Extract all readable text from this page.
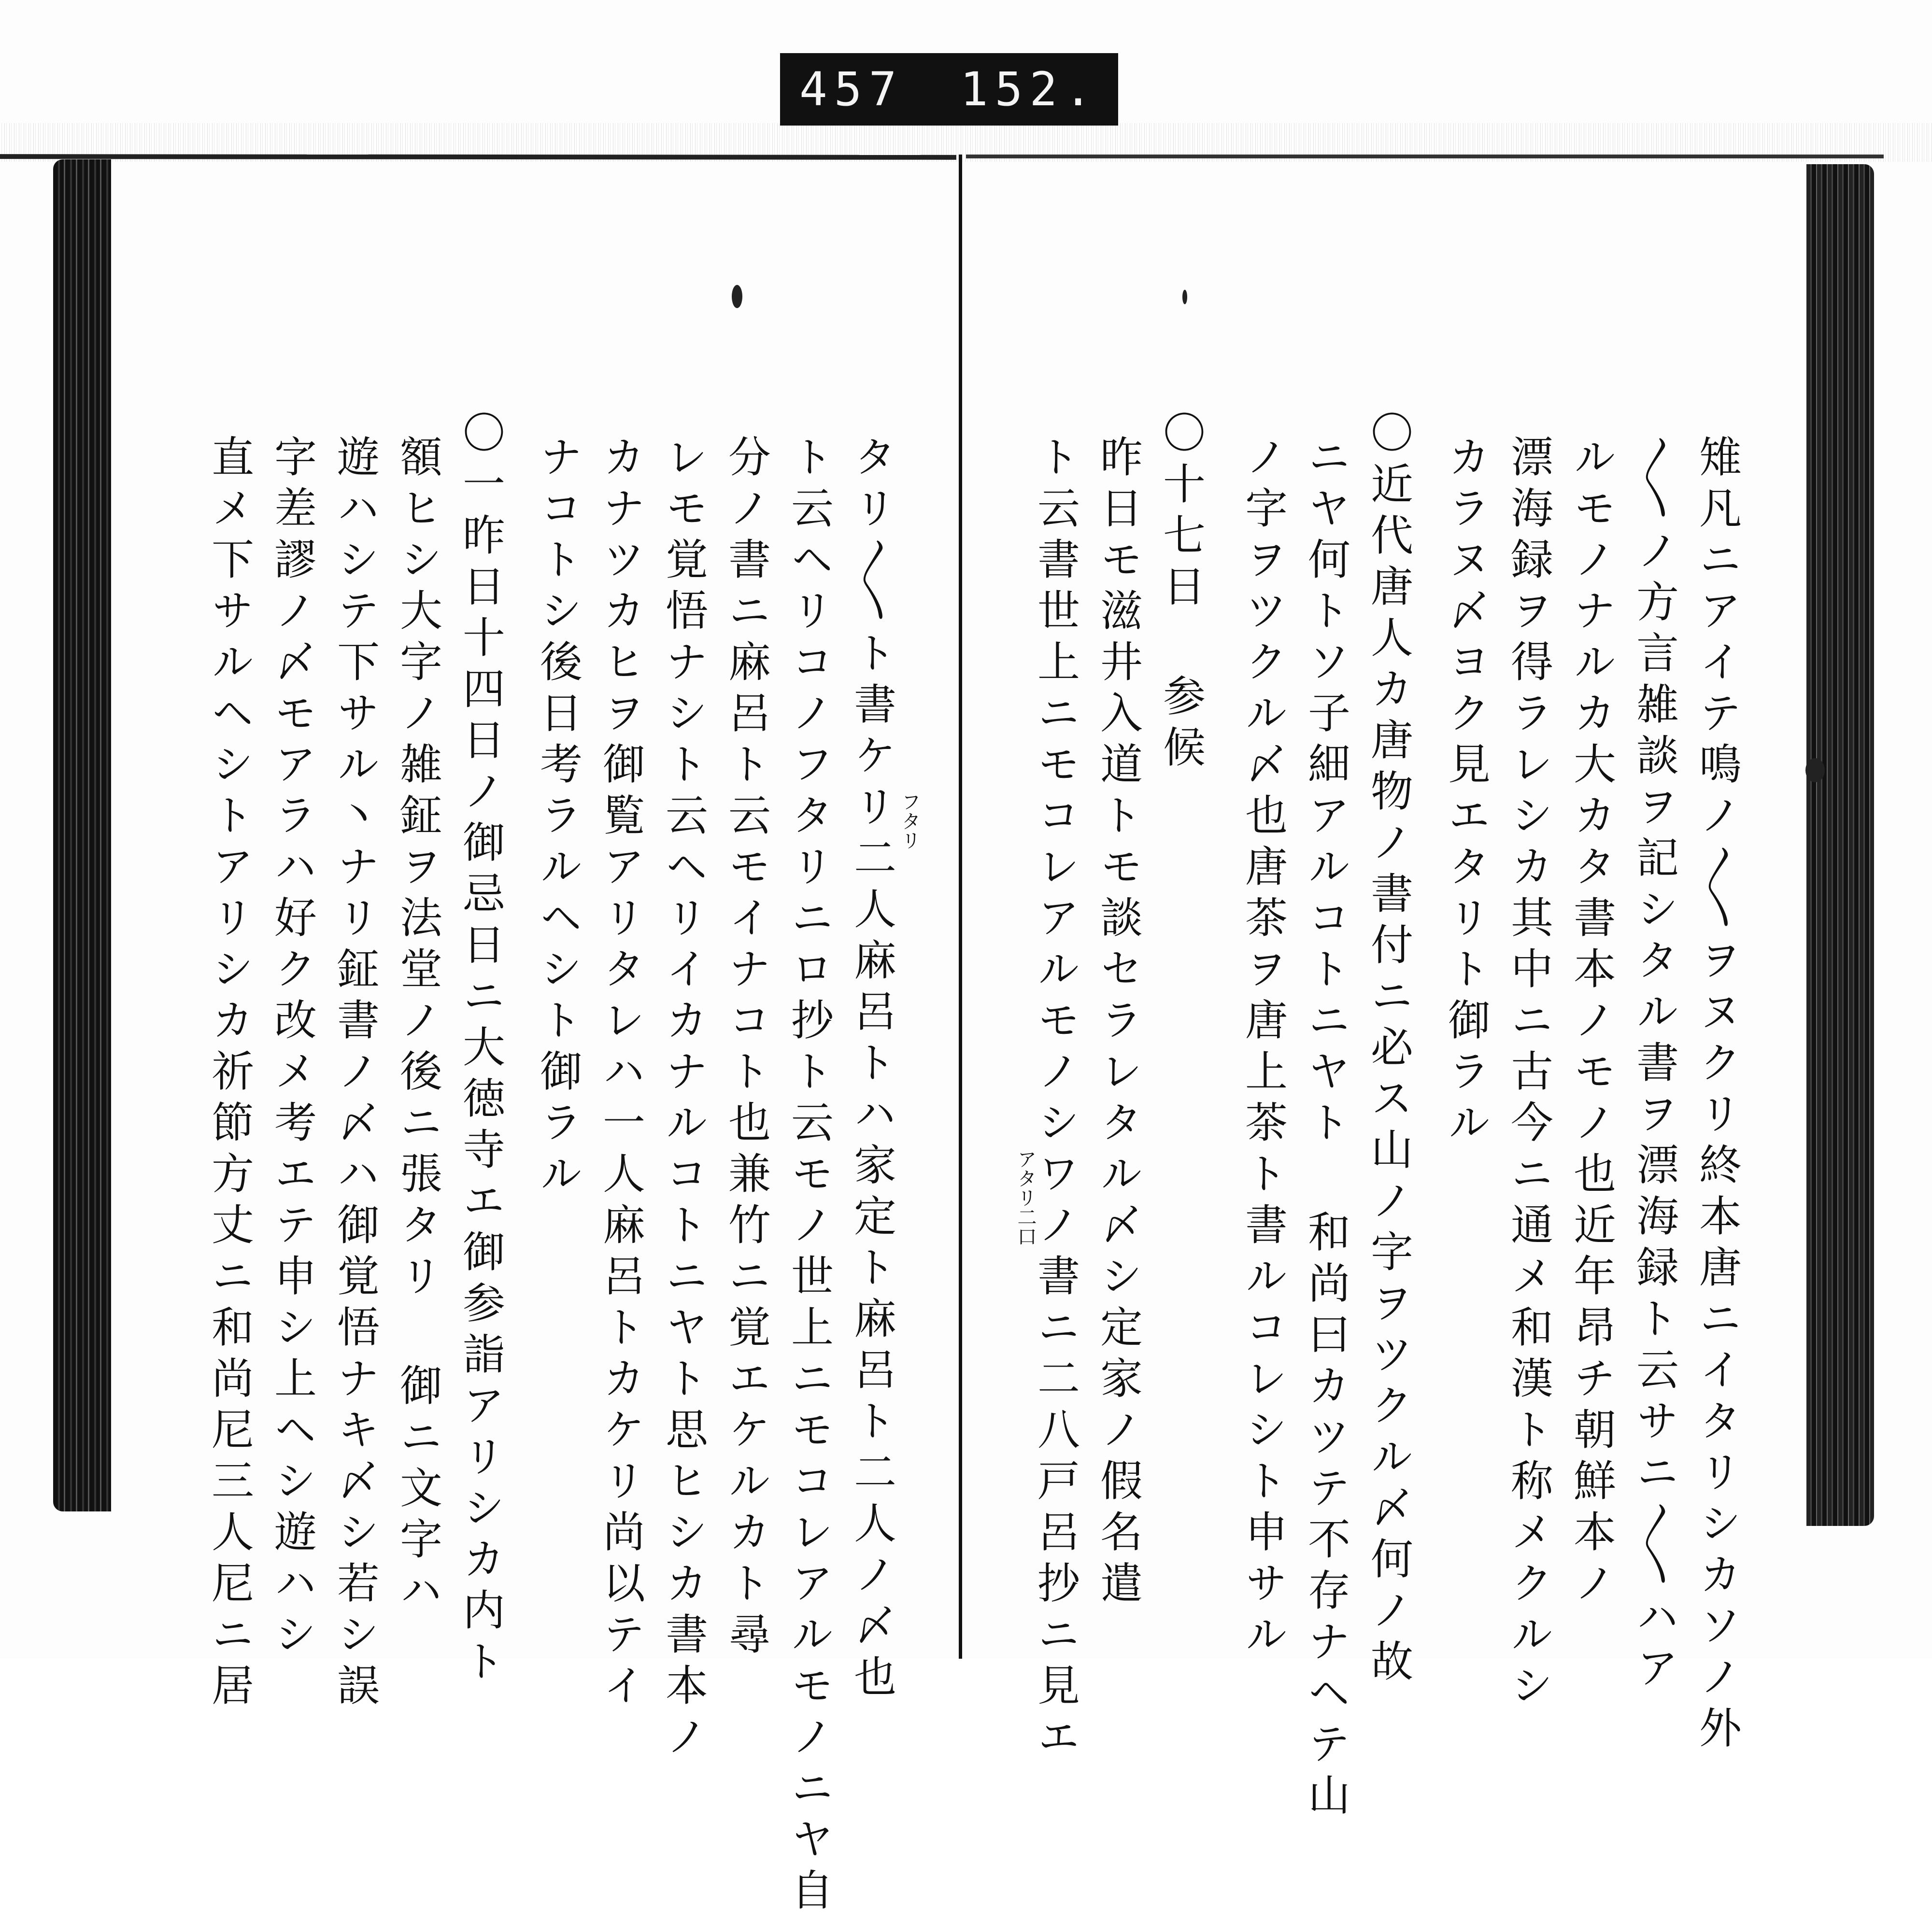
457 152.
雉凡ニアイテ鳴ノ〳〵ヲヌクリ終本唐ニイタリシカソノ外
〳〵ノ方言雑談ヲ記シタル書ヲ漂海録ト云サニ〳〵ハア
ルモノナルカ大カタ書本ノモノ也近年昂チ朝鮮本ノ
漂海録ヲ得ラレシカ其中ニ古今ニ通メ和漢ト称メクルシ
カラヌ〆ヨク見エタリト御ラル
〇近代唐人カ唐物ノ書付ニ必ス山ノ字ヲツクル〆何ノ故
ニヤ何トソ子細アルコトニヤト 和尚曰カツテ不存ナヘテ山
ノ字ヲツクル〆也唐茶ヲ唐上茶ト書ルコレシト申サル
〇十七日 参候
昨日モ滋井入道トモ談セラレタル〆シ定家ノ假名遣
ト云書世上ニモコレアルモノシワノ書ニ二八戸呂抄ニ見エ
アタリ二口
タリ〳〵ト書ケリ二人麻呂トハ家定ト麻呂ト二人ノ〆也
ト云ヘリコノフタリニロ抄ト云モノ世上ニモコレアルモノニヤ自
分ノ書ニ麻呂ト云モイナコト也兼竹ニ覚エケルカト尋
レモ覚悟ナシト云ヘリイカナルコトニヤト思ヒシカ書本ノ
カナツカヒヲ御覧アリタレハ一人麻呂トカケリ尚以テイ
ナコトシ後日考ラルヘシト御ラル
〇一昨日十四日ノ御忌日ニ大徳寺エ御参詣アリシカ内ト
額ヒシ大字ノ雑鉦ヲ法堂ノ後ニ張タリ 御ニ文字ハ
遊ハシテ下サル丶ナリ鉦書ノ〆ハ御覚悟ナキ〆シ若シ誤
字差謬ノ〆モアラハ好ク改メ考エテ申シ上ヘシ遊ハシ
直メ下サルヘシトアリシカ祈節方丈ニ和尚尼三人尼ニ居	フタリ
